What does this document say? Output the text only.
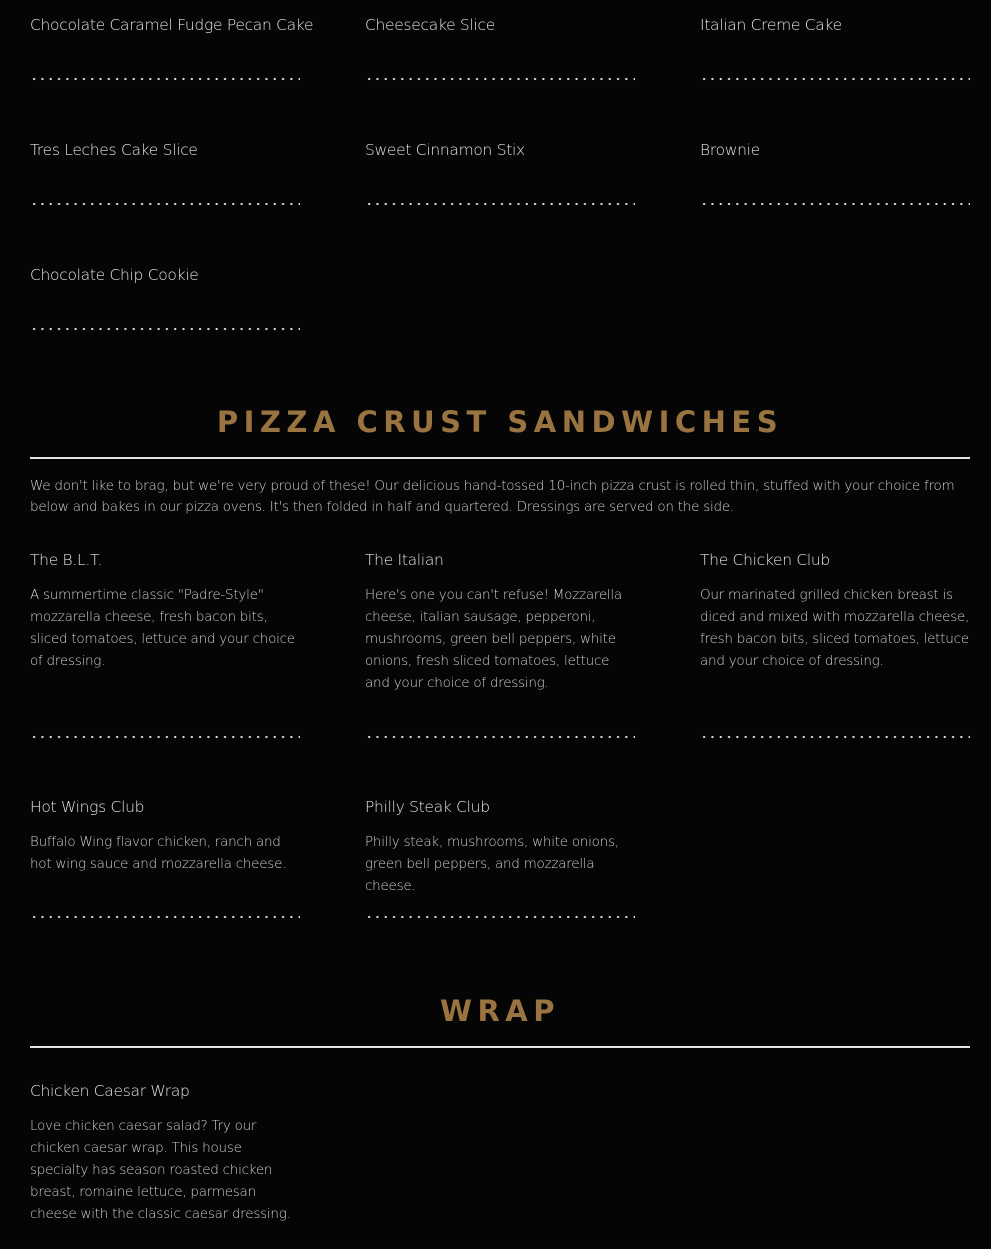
Chocolate Caramel Fudge Pecan Cake	Cheesecake Slice	Italian Creme Cake
Tres Leches Cake Slice	Sweet Cinnamon Stix	Brownie
Chocolate Chip Cookie
PIZZA CRUST SANDWICHES
We don't like to brag, but we're very proud of these! Our delicious hand-tossed 10-inch pizza crust is rolled thin, stuffed with your choice from below and bakes in our pizza ovens. It's then folded in half and quartered. Dressings are served on the side.
The B.L.T.
A summertime classic "Padre-Style" mozzarella cheese, fresh bacon bits, sliced tomatoes, lettuce and your choice of dressing.
The Italian
Here's one you can't refuse! Mozzarella cheese, italian sausage, pepperoni, mushrooms, green bell peppers, white onions, fresh sliced tomatoes, lettuce and your choice of dressing.
The Chicken Club
Our marinated grilled chicken breast is diced and mixed with mozzarella cheese, fresh bacon bits, sliced tomatoes, lettuce and your choice of dressing.
Hot Wings Club
Buffalo Wing flavor chicken, ranch and hot wing sauce and mozzarella cheese.
Philly Steak Club
Philly steak, mushrooms, white onions, green bell peppers, and mozzarella cheese.
WRAP
Chicken Caesar Wrap
Love chicken caesar salad? Try our chicken caesar wrap. This house specialty has season roasted chicken breast, romaine lettuce, parmesan cheese with the classic caesar dressing.
